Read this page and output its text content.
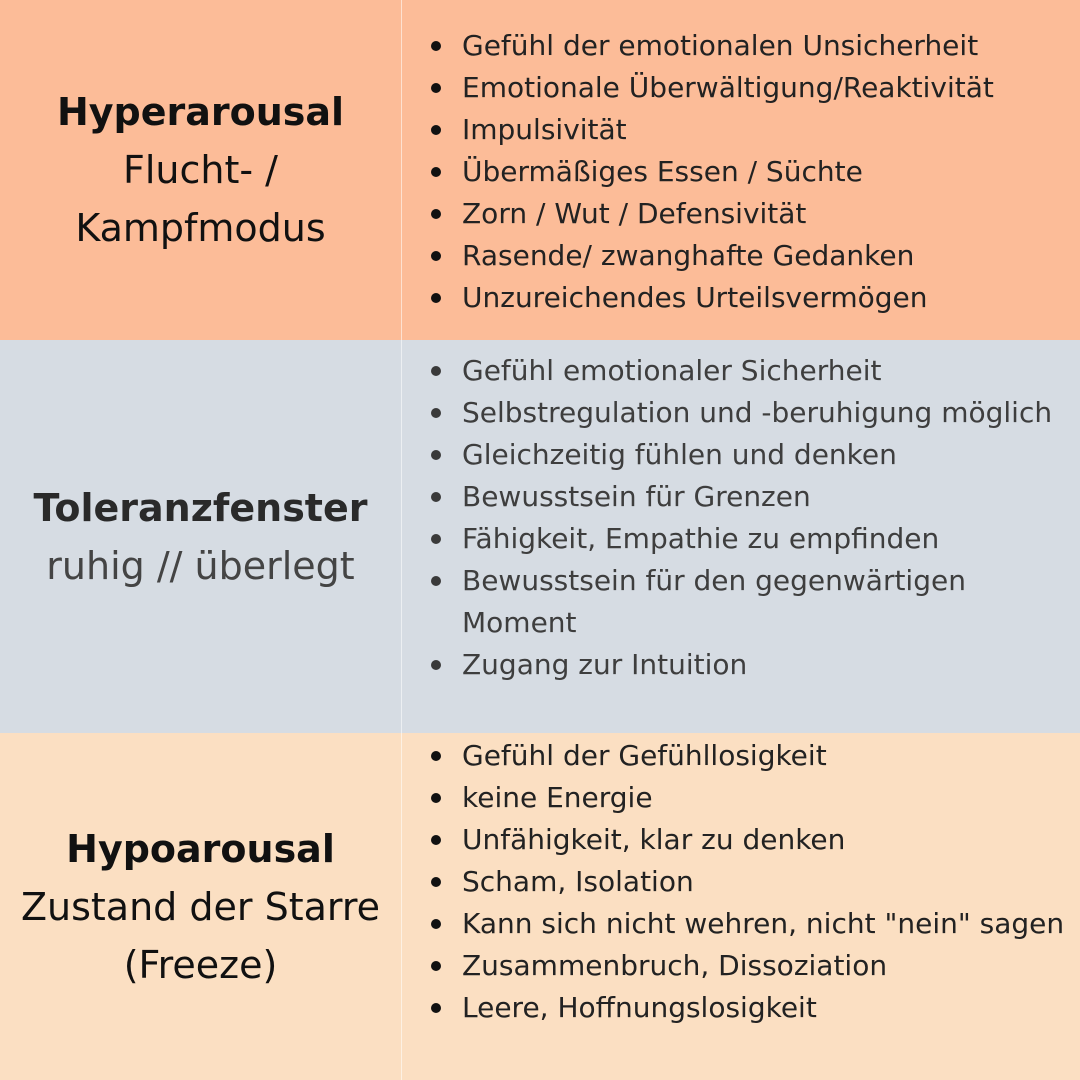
Hyperarousal
Flucht- /
Kampfmodus
Gefühl der emotionalen Unsicherheit
Emotionale Überwältigung/Reaktivität
Impulsivität
Übermäßiges Essen / Süchte
Zorn / Wut / Defensivität
Rasende/ zwanghafte Gedanken
Unzureichendes Urteilsvermögen
Toleranzfenster
ruhig // überlegt
Gefühl emotionaler Sicherheit
Selbstregulation und -beruhigung möglich
Gleichzeitig fühlen und denken
Bewusstsein für Grenzen
Fähigkeit, Empathie zu empfinden
Bewusstsein für den gegenwärtigen Moment
Zugang zur Intuition
Hypoarousal
Zustand der Starre
(Freeze)
Gefühl der Gefühllosigkeit
keine Energie
Unfähigkeit, klar zu denken
Scham, Isolation
Kann sich nicht wehren, nicht "nein" sagen
Zusammenbruch, Dissoziation
Leere, Hoffnungslosigkeit
